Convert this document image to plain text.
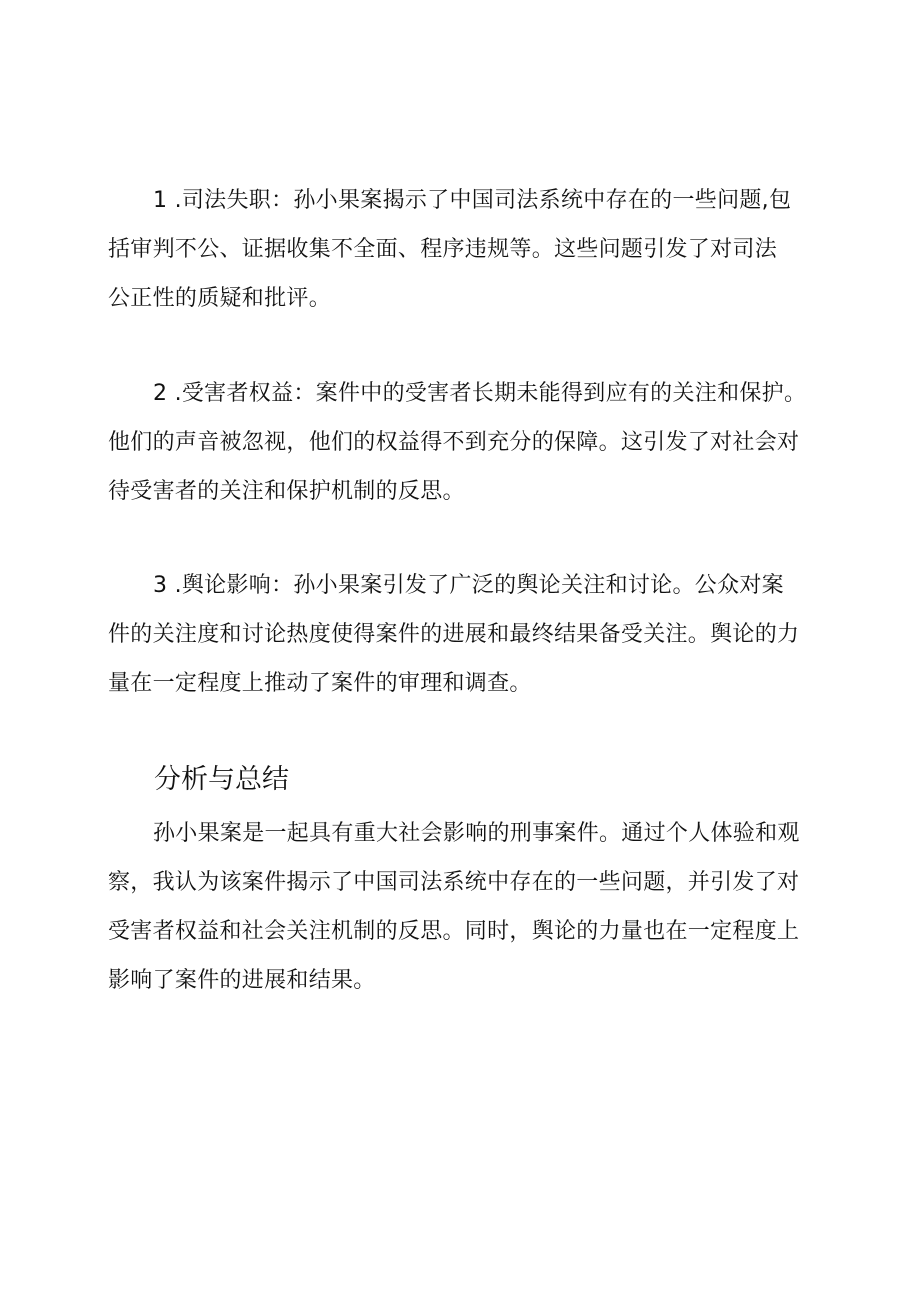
1 .司法失职：孙小果案揭示了中国司法系统中存在的一些问题,包
括审判不公、证据收集不全面、程序违规等。这些问题引发了对司法
公正性的质疑和批评。
2 .受害者权益：案件中的受害者长期未能得到应有的关注和保护。
他们的声音被忽视，他们的权益得不到充分的保障。这引发了对社会对
待受害者的关注和保护机制的反思。
3 .舆论影响：孙小果案引发了广泛的舆论关注和讨论。公众对案
件的关注度和讨论热度使得案件的进展和最终结果备受关注。舆论的力
量在一定程度上推动了案件的审理和调查。
分析与总结
孙小果案是一起具有重大社会影响的刑事案件。通过个人体验和观
察，我认为该案件揭示了中国司法系统中存在的一些问题，并引发了对
受害者权益和社会关注机制的反思。同时，舆论的力量也在一定程度上
影响了案件的进展和结果。
